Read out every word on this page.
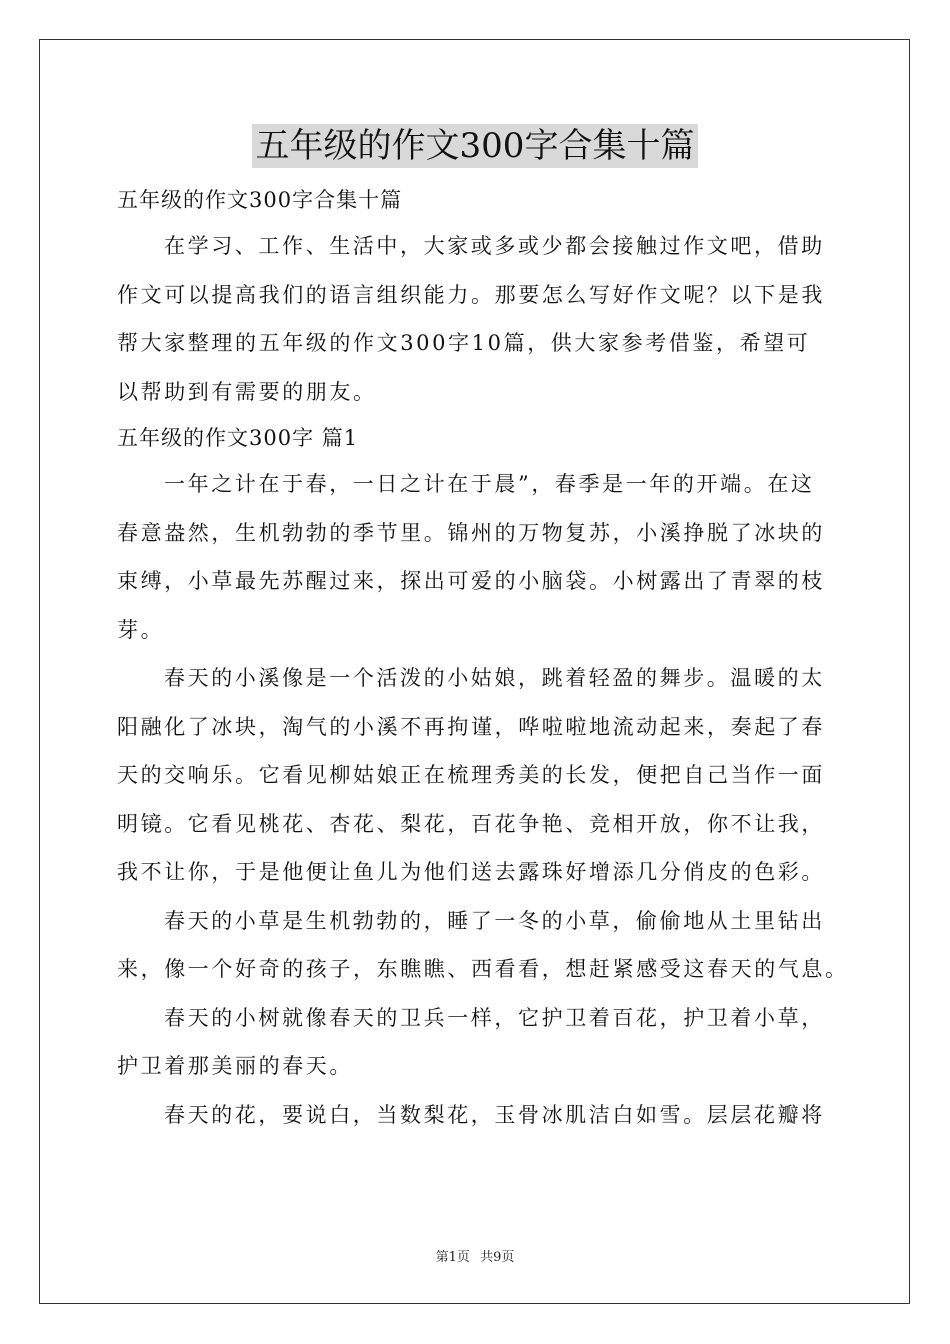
五年级的作文300字合集十篇
五年级的作文300字合集十篇
在学习、工作、生活中，大家或多或少都会接触过作文吧，借助
作文可以提高我们的语言组织能力。那要怎么写好作文呢？以下是我
帮大家整理的五年级的作文300字10篇，供大家参考借鉴，希望可
以帮助到有需要的朋友。
五年级的作文300字 篇1
一年之计在于春，一日之计在于晨”，春季是一年的开端。在这
春意盎然，生机勃勃的季节里。锦州的万物复苏，小溪挣脱了冰块的
束缚，小草最先苏醒过来，探出可爱的小脑袋。小树露出了青翠的枝
芽。
春天的小溪像是一个活泼的小姑娘，跳着轻盈的舞步。温暖的太
阳融化了冰块，淘气的小溪不再拘谨，哗啦啦地流动起来，奏起了春
天的交响乐。它看见柳姑娘正在梳理秀美的长发，便把自己当作一面
明镜。它看见桃花、杏花、梨花，百花争艳、竞相开放，你不让我，
我不让你，于是他便让鱼儿为他们送去露珠好增添几分俏皮的色彩。
春天的小草是生机勃勃的，睡了一冬的小草，偷偷地从土里钻出
来，像一个好奇的孩子，东瞧瞧、西看看，想赶紧感受这春天的气息。
春天的小树就像春天的卫兵一样，它护卫着百花，护卫着小草，
护卫着那美丽的春天。
春天的花，要说白，当数梨花，玉骨冰肌洁白如雪。层层花瓣将
第1页 共9页
